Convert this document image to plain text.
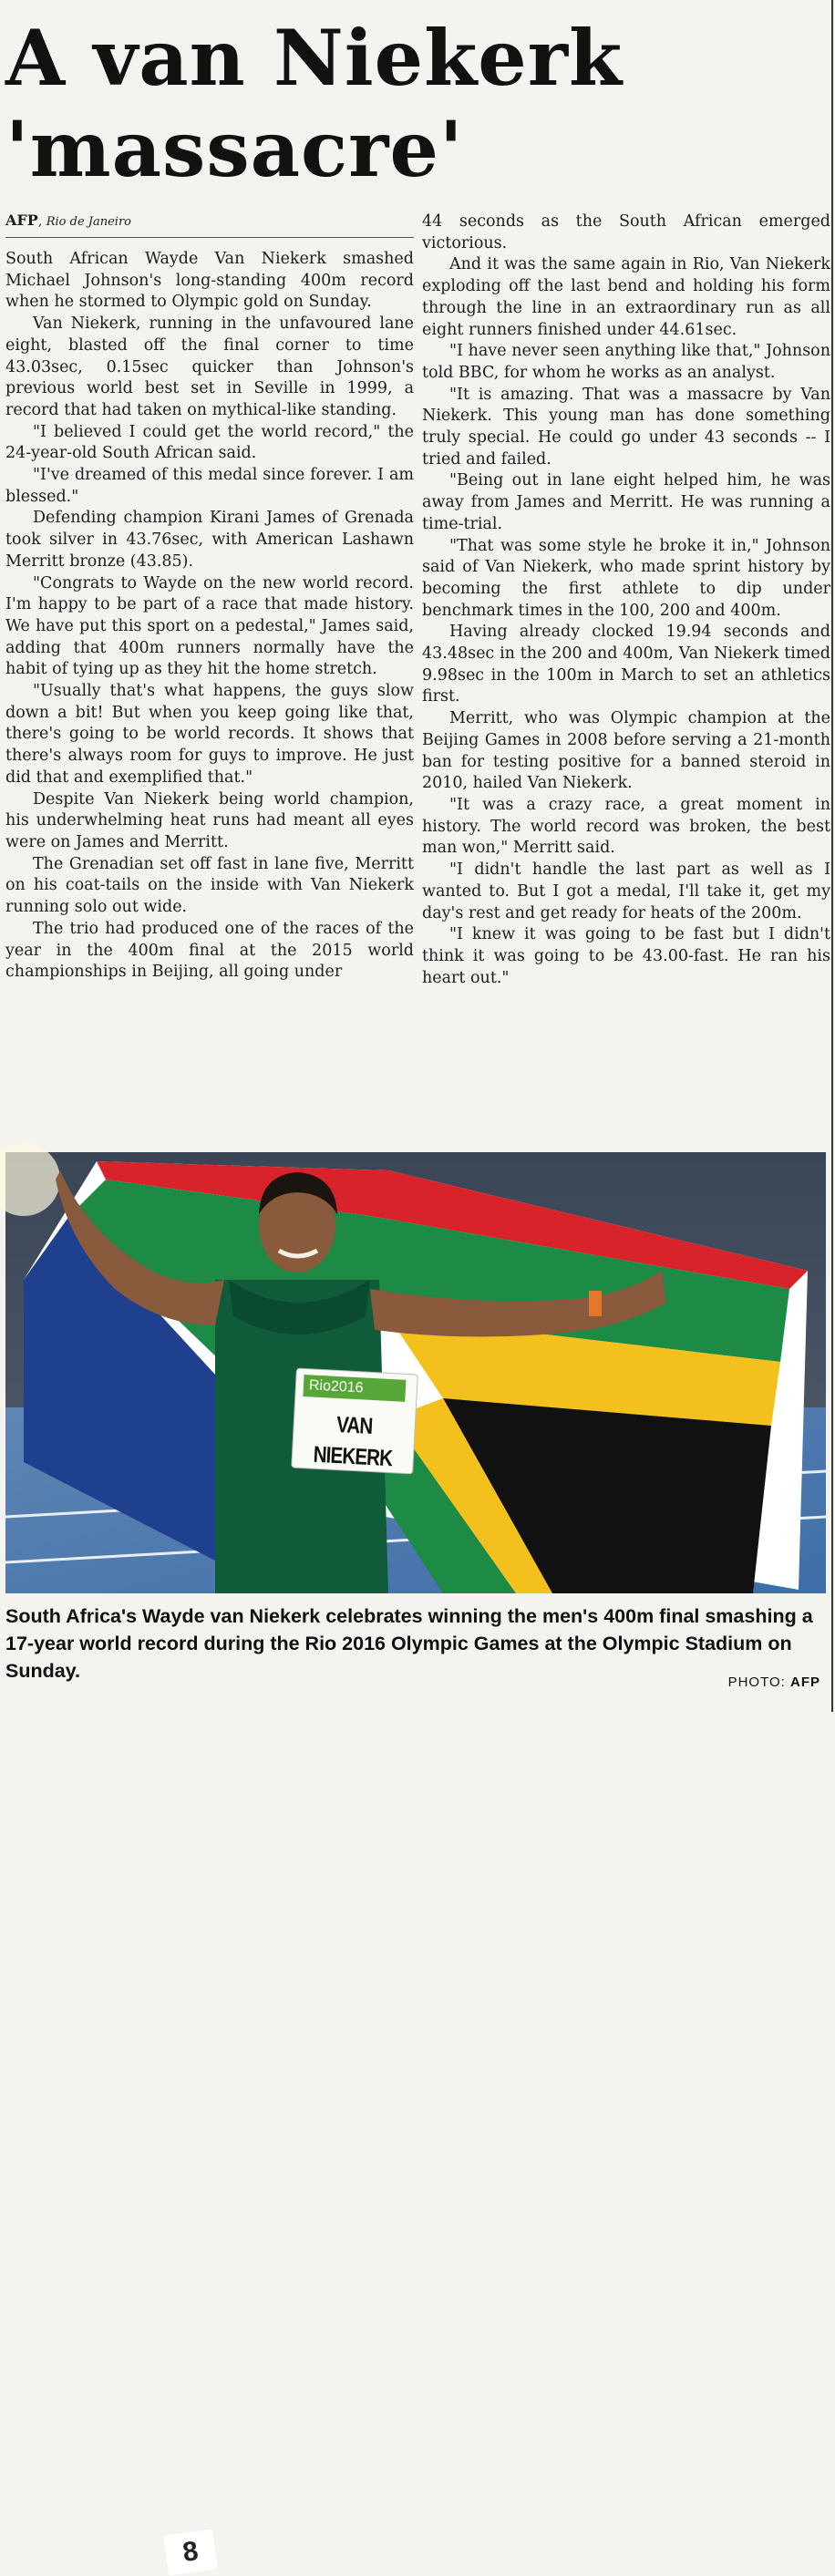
A van Niekerk 'massacre'
AFP, Rio de Janeiro

South African Wayde Van Niekerk smashed Michael Johnson's long-standing 400m record when he stormed to Olympic gold on Sunday.

Van Niekerk, running in the unfavoured lane eight, blasted off the final corner to time 43.03sec, 0.15sec quicker than Johnson's previous world best set in Seville in 1999, a record that had taken on mythical-like standing.

"I believed I could get the world record," the 24-year-old South African said.

"I've dreamed of this medal since forever. I am blessed."

Defending champion Kirani James of Grenada took silver in 43.76sec, with American Lashawn Merritt bronze (43.85).

"Congrats to Wayde on the new world record. I'm happy to be part of a race that made history. We have put this sport on a pedestal," James said, adding that 400m runners normally have the habit of tying up as they hit the home stretch.

"Usually that's what happens, the guys slow down a bit! But when you keep going like that, there's going to be world records. It shows that there's always room for guys to improve. He just did that and exemplified that."

Despite Van Niekerk being world champion, his underwhelming heat runs had meant all eyes were on James and Merritt.

The Grenadian set off fast in lane five, Merritt on his coat-tails on the inside with Van Niekerk running solo out wide.

The trio had produced one of the races of the year in the 400m final at the 2015 world championships in Beijing, all going under

44 seconds as the South African emerged victorious.

And it was the same again in Rio, Van Niekerk exploding off the last bend and holding his form through the line in an extraordinary run as all eight runners finished under 44.61sec.

"I have never seen anything like that," Johnson told BBC, for whom he works as an analyst.

"It is amazing. That was a massacre by Van Niekerk. This young man has done something truly special. He could go under 43 seconds -- I tried and failed.

"Being out in lane eight helped him, he was away from James and Merritt. He was running a time-trial.

"That was some style he broke it in," Johnson said of Van Niekerk, who made sprint history by becoming the first athlete to dip under benchmark times in the 100, 200 and 400m.

Having already clocked 19.94 seconds and 43.48sec in the 200 and 400m, Van Niekerk timed 9.98sec in the 100m in March to set an athletics first.

Merritt, who was Olympic champion at the Beijing Games in 2008 before serving a 21-month ban for testing positive for a banned steroid in 2010, hailed Van Niekerk.

"It was a crazy race, a great moment in history. The world record was broken, the best man won," Merritt said.

"I didn't handle the last part as well as I wanted to. But I got a medal, I'll take it, get my day's rest and get ready for heats of the 200m.

"I knew it was going to be fast but I didn't think it was going to be 43.00-fast. He ran his heart out."

8
Rio2016
VAN NIEKERK

South Africa's Wayde van Niekerk celebrates winning the men's 400m final smashing a 17-year world record during the Rio 2016 Olympic Games at the Olympic Stadium on Sunday.

PHOTO: AFP
